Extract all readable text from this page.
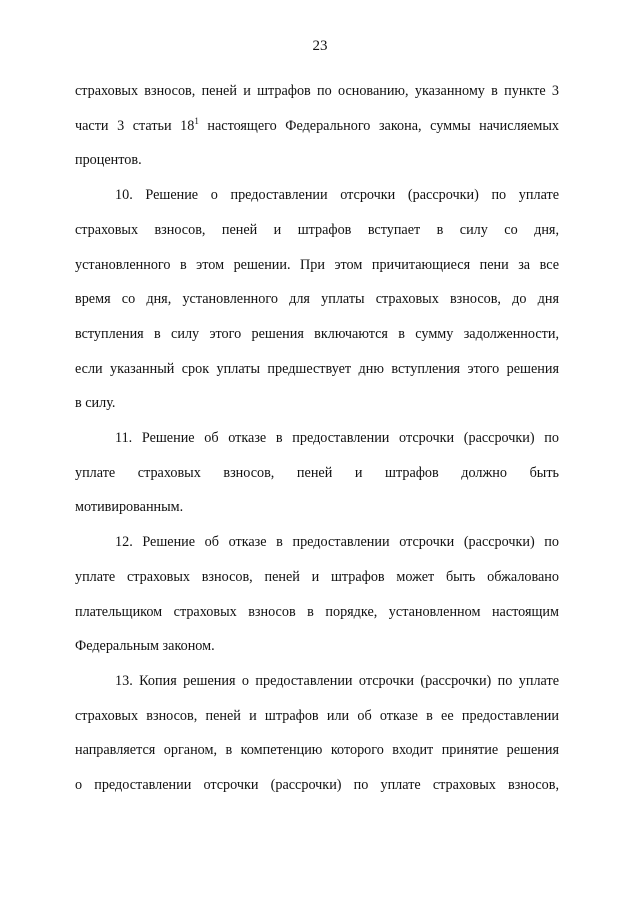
23
страховых взносов, пеней и штрафов по основанию, указанному в пункте 3
части 3 статьи $18^1$ настоящего Федерального закона, суммы начисляемых
процентов.
10. Решение о предоставлении отсрочки (рассрочки) по уплате
страховых взносов, пеней и штрафов вступает в силу со дня,
установленного в этом решении. При этом причитающиеся пени за все
время со дня, установленного для уплаты страховых взносов, до дня
вступления в силу этого решения включаются в сумму задолженности,
если указанный срок уплаты предшествует дню вступления этого решения
в силу.
11. Решение об отказе в предоставлении отсрочки (рассрочки) по
уплате страховых взносов, пеней и штрафов должно быть
мотивированным.
12. Решение об отказе в предоставлении отсрочки (рассрочки) по
уплате страховых взносов, пеней и штрафов может быть обжаловано
плательщиком страховых взносов в порядке, установленном настоящим
Федеральным законом.
13. Копия решения о предоставлении отсрочки (рассрочки) по уплате
страховых взносов, пеней и штрафов или об отказе в ее предоставлении
направляется органом, в компетенцию которого входит принятие решения
о предоставлении отсрочки (рассрочки) по уплате страховых взносов,
